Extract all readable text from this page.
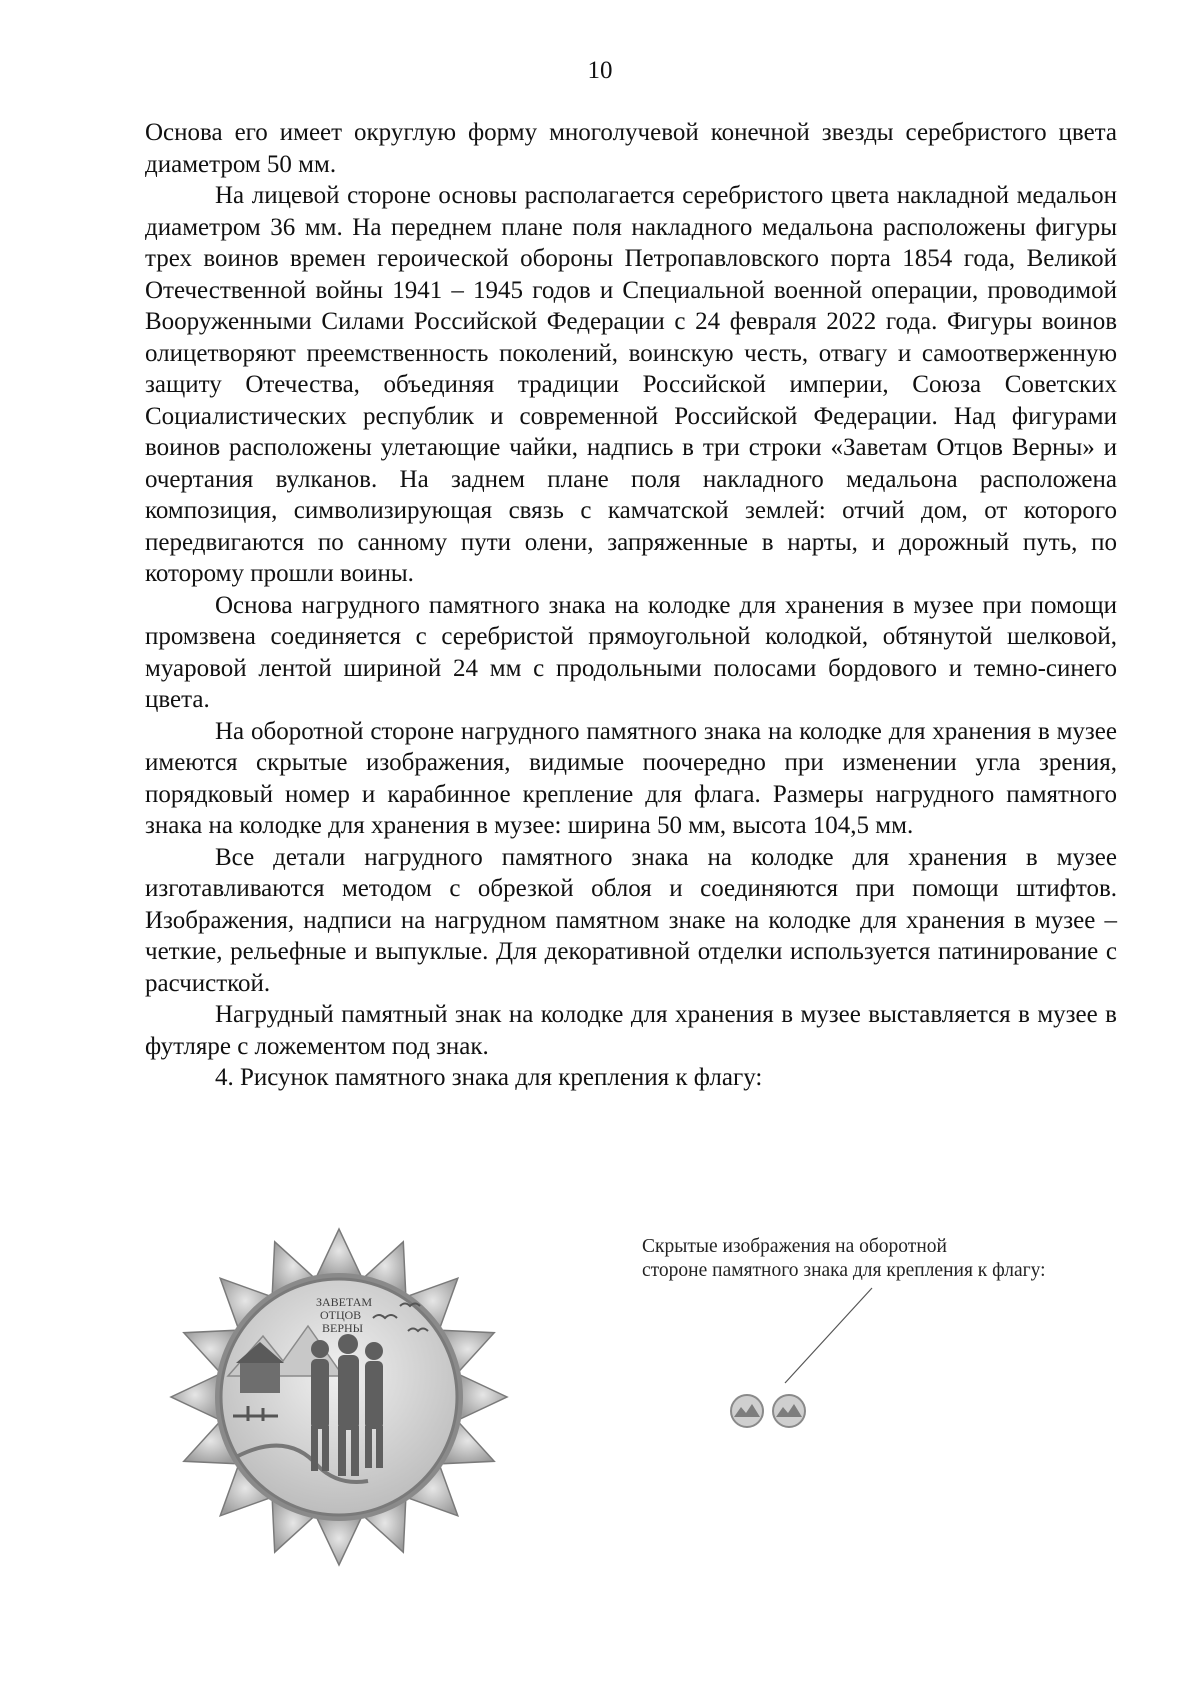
10

Основа его имеет округлую форму многолучевой конечной звезды серебристого цвета диаметром 50 мм.

На лицевой стороне основы располагается серебристого цвета накладной медальон диаметром 36 мм. На переднем плане поля накладного медальона расположены фигуры трех воинов времен героической обороны Петропавловского порта 1854 года, Великой Отечественной войны 1941 – 1945 годов и Специальной военной операции, проводимой Вооруженными Силами Российской Федерации с 24 февраля 2022 года. Фигуры воинов олицетворяют преемственность поколений, воинскую честь, отвагу и самоотверженную защиту Отечества, объединяя традиции Российской империи, Союза Советских Социалистических республик и современной Российской Федерации. Над фигурами воинов расположены улетающие чайки, надпись в три строки «Заветам Отцов Верны» и очертания вулканов. На заднем плане поля накладного медальона расположена композиция, символизирующая связь с камчатской землей: отчий дом, от которого передвигаются по санному пути олени, запряженные в нарты, и дорожный путь, по которому прошли воины.

Основа нагрудного памятного знака на колодке для хранения в музее при помощи промзвена соединяется с серебристой прямоугольной колодкой, обтянутой шелковой, муаровой лентой шириной 24 мм с продольными полосами бордового и темно-синего цвета.

На оборотной стороне нагрудного памятного знака на колодке для хранения в музее имеются скрытые изображения, видимые поочередно при изменении угла зрения, порядковый номер и карабинное крепление для флага. Размеры нагрудного памятного знака на колодке для хранения в музее: ширина 50 мм, высота 104,5 мм.

Все детали нагрудного памятного знака на колодке для хранения в музее изготавливаются методом с обрезкой облоя и соединяются при помощи штифтов. Изображения, надписи на нагрудном памятном знаке на колодке для хранения в музее – четкие, рельефные и выпуклые. Для декоративной отделки используется патинирование с расчисткой.

Нагрудный памятный знак на колодке для хранения в музее выставляется в музее в футляре с ложементом под знак.

4. Рисунок памятного знака для крепления к флагу:

ЗАВЕТАМ
ОТЦОВ
ВЕРНЫ
Скрытые изображения на оборотной
стороне памятного знака для крепления к флагу:
